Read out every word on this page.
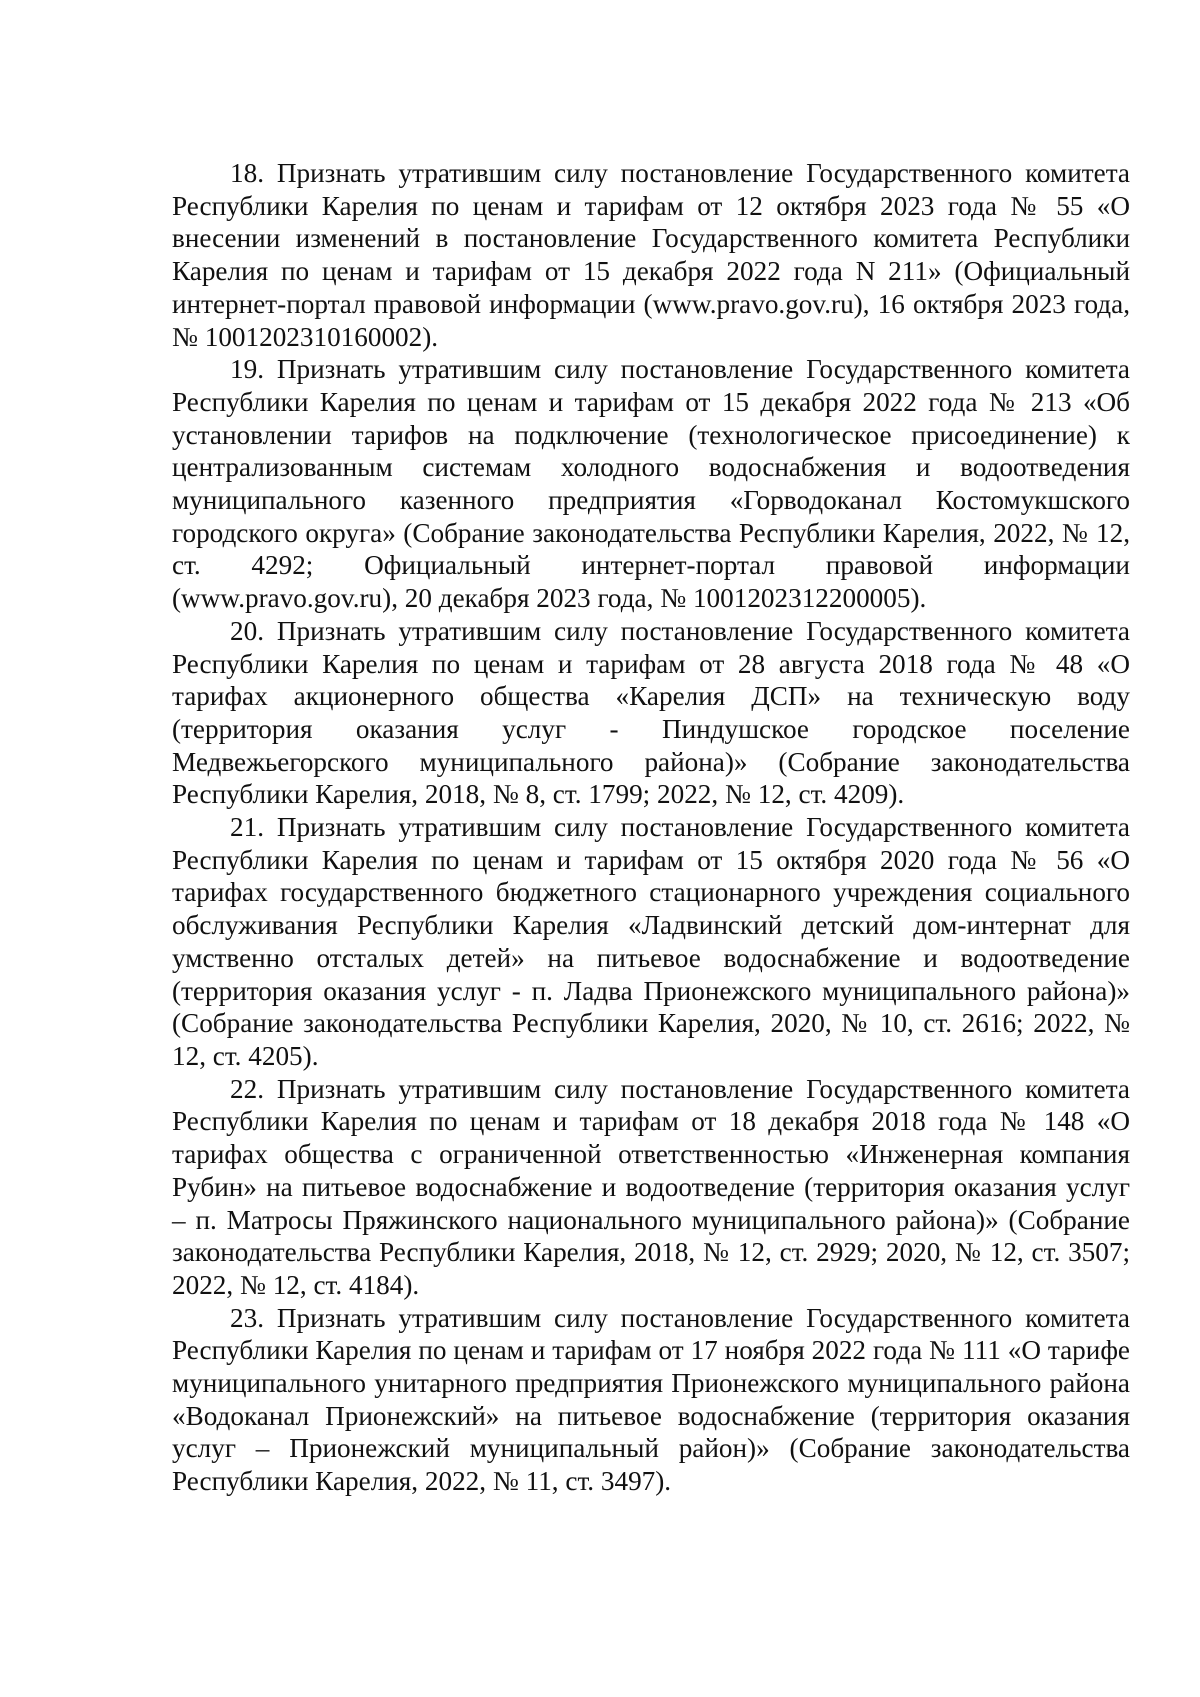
18. Признать утратившим силу постановление Государственного комитета Республики Карелия по ценам и тарифам от 12 октября 2023 года № 55 «О внесении изменений в постановление Государственного комитета Республики Карелия по ценам и тарифам от 15 декабря 2022 года N 211» (Официальный интернет-портал правовой информации (www.pravo.gov.ru), 16 октября 2023 года, № 1001202310160002).

19. Признать утратившим силу постановление Государственного комитета Республики Карелия по ценам и тарифам от 15 декабря 2022 года № 213 «Об установлении тарифов на подключение (технологическое присоединение) к централизованным системам холодного водоснабжения и водоотведения муниципального казенного предприятия «Горводоканал Костомукшского городского округа» (Собрание законодательства Республики Карелия, 2022, № 12, ст. 4292; Официальный интернет-портал правовой информации (www.pravo.gov.ru), 20 декабря 2023 года, № 1001202312200005).

20. Признать утратившим силу постановление Государственного комитета Республики Карелия по ценам и тарифам от 28 августа 2018 года № 48 «О тарифах акционерного общества «Карелия ДСП» на техническую воду (территория оказания услуг - Пиндушское городское поселение Медвежьегорского муниципального района)» (Собрание законодательства Республики Карелия, 2018, № 8, ст. 1799; 2022, № 12, ст. 4209).

21. Признать утратившим силу постановление Государственного комитета Республики Карелия по ценам и тарифам от 15 октября 2020 года № 56 «О тарифах государственного бюджетного стационарного учреждения социального обслуживания Республики Карелия «Ладвинский детский дом-интернат для умственно отсталых детей» на питьевое водоснабжение и водоотведение (территория оказания услуг - п. Ладва Прионежского муниципального района)» (Собрание законодательства Республики Карелия, 2020, № 10, ст. 2616; 2022, № 12, ст. 4205).

22. Признать утратившим силу постановление Государственного комитета Республики Карелия по ценам и тарифам от 18 декабря 2018 года № 148 «О тарифах общества с ограниченной ответственностью «Инженерная компания Рубин» на питьевое водоснабжение и водоотведение (территория оказания услуг – п. Матросы Пряжинского национального муниципального района)» (Собрание законодательства Республики Карелия, 2018, № 12, ст. 2929; 2020, № 12, ст. 3507; 2022, № 12, ст. 4184).

23. Признать утратившим силу постановление Государственного комитета Республики Карелия по ценам и тарифам от 17 ноября 2022 года № 111 «О тарифе муниципального унитарного предприятия Прионежского муниципального района «Водоканал Прионежский» на питьевое водоснабжение (территория оказания услуг – Прионежский муниципальный район)» (Собрание законодательства Республики Карелия, 2022, № 11, ст. 3497).
